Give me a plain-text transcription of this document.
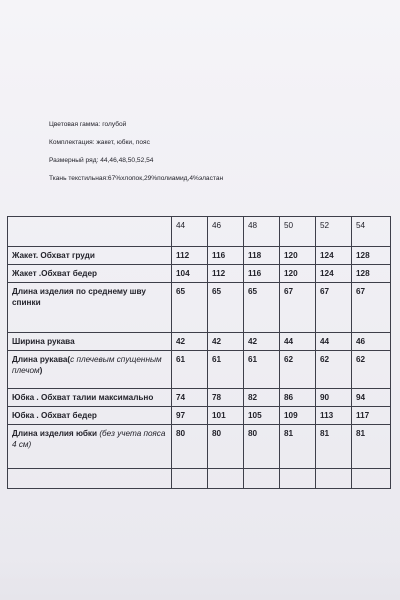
Цветовая гамма: голубой
Комплектация: жакет, юбки, пояс
Размерный ряд: 44,46,48,50,52,54
Ткань текстильная:67%хлопок,29%полиамид,4%эластан
	44	46	48	50	52	54
Жакет. Обхват груди	112	116	118	120	124	128
Жакет .Обхват бедер	104	112	116	120	124	128
Длина изделия по среднему шву спинки	65	65	65	67	67	67
Ширина рукава	42	42	42	44	44	46
Длина рукава(с плечевым спущенным плечом)	61	61	61	62	62	62
Юбка . Обхват талии максимально	74	78	82	86	90	94
Юбка . Обхват бедер	97	101	105	109	113	117
Длина изделия юбки (без учета пояса 4 см)	80	80	80	81	81	81
